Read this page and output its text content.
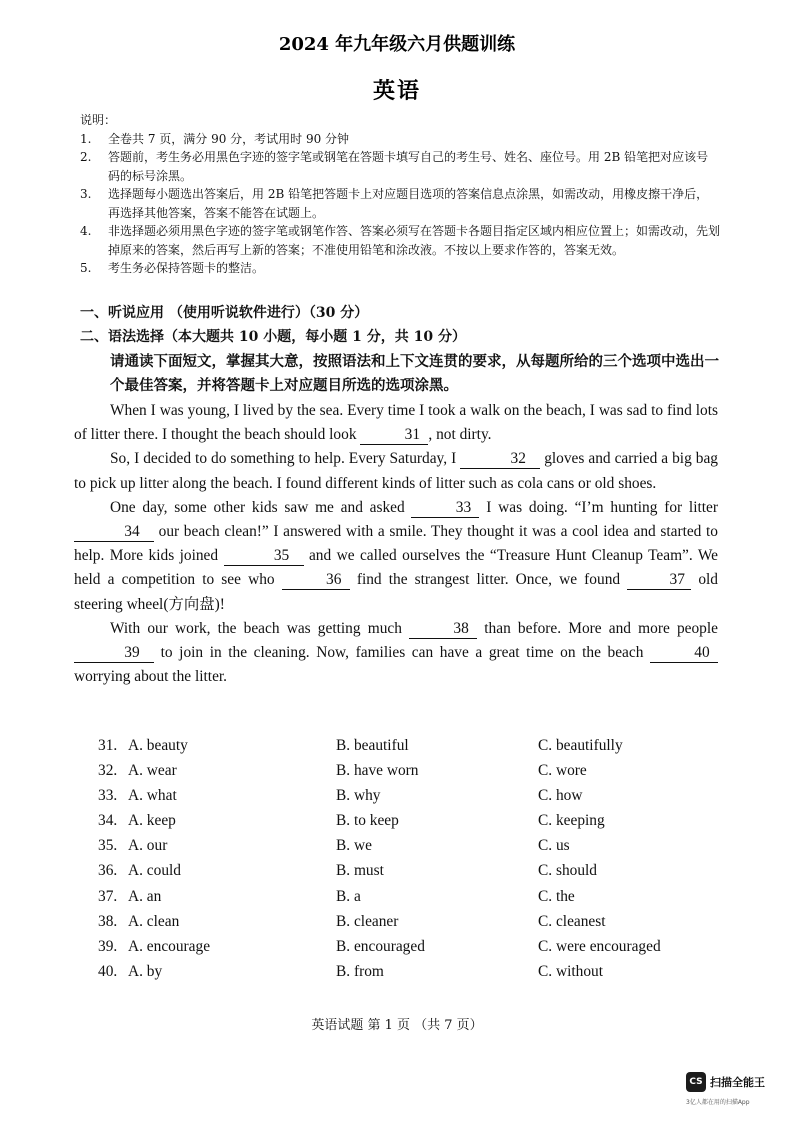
2024 年九年级六月供题训练
英语
说明：
1. 全卷共 7 页，满分 90 分，考试用时 90 分钟
2. 答题前，考生务必用黑色字迹的签字笔或钢笔在答题卡填写自己的考生号、姓名、座位号。用 2B 铅笔把对应该号码的标号涂黑。
3. 选择题每小题选出答案后，用 2B 铅笔把答题卡上对应题目选项的答案信息点涂黑，如需改动，用橡皮擦干净后，再选择其他答案，答案不能答在试题上。
4. 非选择题必须用黑色字迹的签字笔或钢笔作答、答案必须写在答题卡各题目指定区域内相应位置上；如需改动，先划掉原来的答案，然后再写上新的答案；不准使用铅笔和涂改液。不按以上要求作答的，答案无效。
5. 考生务必保持答题卡的整洁。
一、听说应用 （使用听说软件进行）（30 分）
二、语法选择（本大题共 10 小题，每小题 1 分，共 10 分）
请通读下面短文，掌握其大意，按照语法和上下文连贯的要求，从每题所给的三个选项中选出一个最佳答案，并将答题卡上对应题目所选的选项涂黑。

When I was young, I lived by the sea. Every time I took a walk on the beach, I was sad to find lots of litter there. I thought the beach should look	31 , not dirty.

So, I decided to do something to help. Every Saturday, I	32 gloves and carried a big bag to pick up litter along the beach. I found different kinds of litter such as cola cans or old shoes.

One day, some other kids saw me and asked	33 I was doing. “I’m hunting for litter 34 our beach clean!” I answered with a smile. They thought it was a cool idea and started to help. More kids joined	35 and we called ourselves the “Treasure Hunt Cleanup Team”. We held a competition to see who	36 find the strangest litter. Once, we found	37 old steering wheel(方向盘)!

With our work, the beach was getting much	38 than before. More and more people 39 to join in the cleaning. Now, families can have a great time on the beach	40 worrying about the litter.

31. A. beauty	B. beautiful	C. beautifully
32. A. wear	B. have worn	C. wore
33. A. what	B. why	C. how
34. A. keep	B. to keep	C. keeping
35. A. our	B. we	C. us
36. A. could	B. must	C. should
37. A. an	B. a	C. the
38. A. clean	B. cleaner	C. cleanest
39. A. encourage	B. encouraged	C. were encouraged
40. A. by	B. from	C. without
英语试题 第 1 页 （共 7 页）
CS 扫描全能王
3亿人都在用的扫描App
